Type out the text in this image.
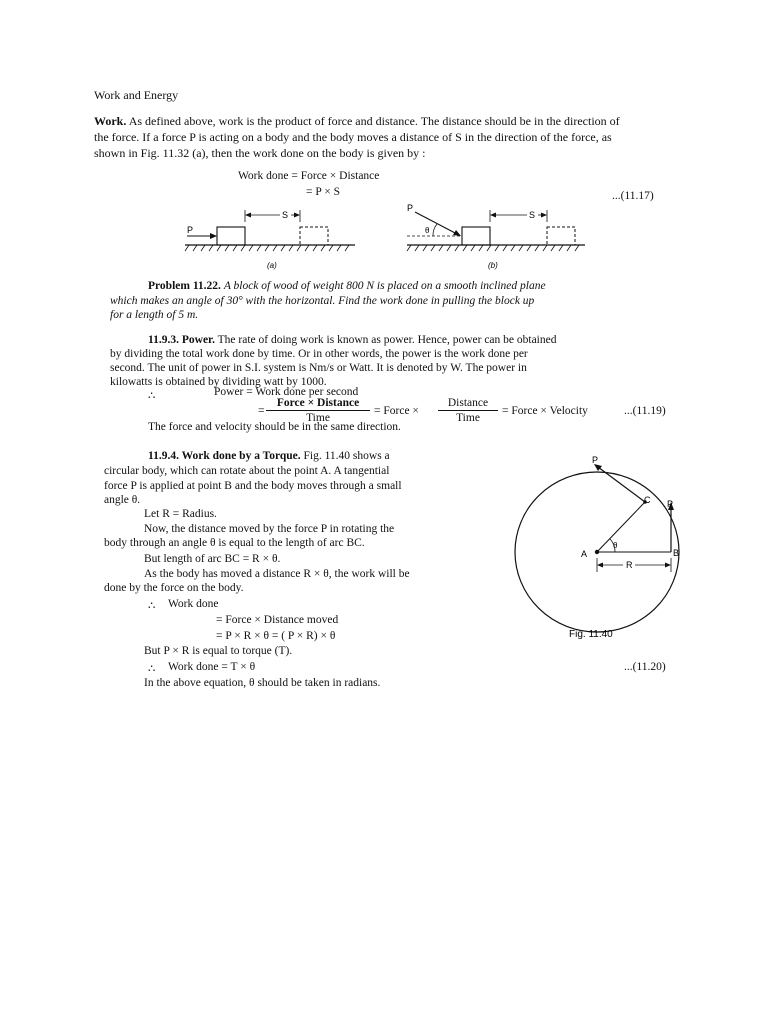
Work and Energy
Work. As defined above, work is the product of force and distance. The distance should be in the direction of
the force. If a force P is acting on a body and the body moves a distance of S in the direction of the force, as
shown in Fig. 11.32 (a), then the work done on the body is given by :
Work done = Force × Distance
= P × S	...(11.17)
P
S
(a)
θ
P
S
(b)
Problem 11.22. A block of wood of weight 800 N is placed on a smooth inclined plane
which makes an angle of 30° with the horizontal. Find the work done in pulling the block up
for a length of 5 m.
11.9.3. Power. The rate of doing work is known as power. Hence, power can be obtained
by dividing the total work done by time. Or in other words, the power is the work done per
second. The unit of power in S.I. system is Nm/s or Watt. It is denoted by W. The power in
kilowatts is obtained by dividing watt by 1000.
∴	Power = Work done per second
=
Force × Distance
Time
= Force ×
Distance
Time
= Force × Velocity	...(11.19)
The force and velocity should be in the same direction.
11.9.4. Work done by a Torque. Fig. 11.40 shows a
circular body, which can rotate about the point A. A tangential
force P is applied at point B and the body moves through a small
angle θ.
Let R = Radius.
Now, the distance moved by the force P in rotating the
body through an angle θ is equal to the length of arc BC.
But length of arc BC = R × θ.
As the body has moved a distance R × θ, the work will be
done by the force on the body.
∴ Work done
= Force × Distance moved
= P × R × θ = ( P × R) × θ
But P × R is equal to torque (T).
∴ Work done = T × θ	...(11.20)
In the above equation, θ should be taken in radians.
θ
P
P
C
A	B
R
Fig. 11.40
